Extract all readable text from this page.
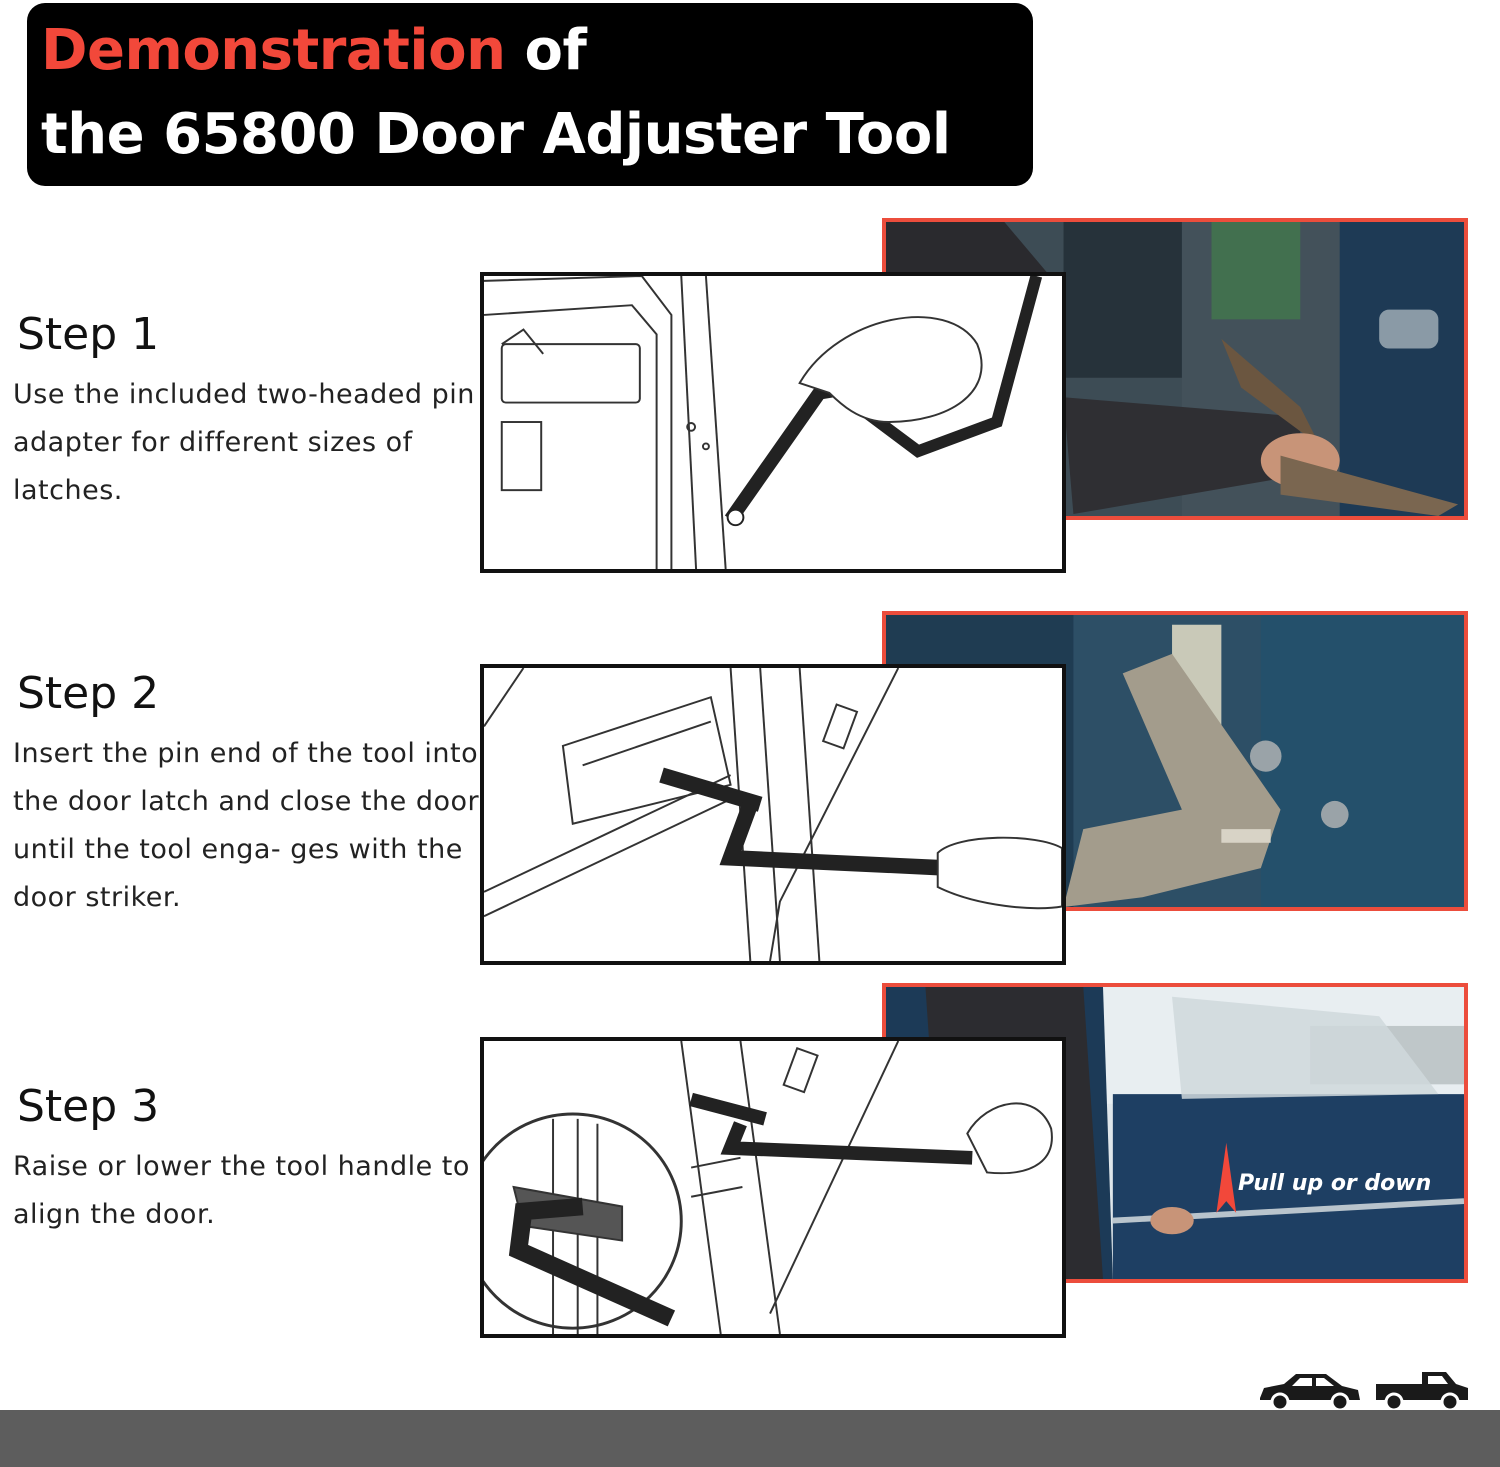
Demonstration of
the 65800 Door Adjuster Tool
Step 1
Use the included two-headed pin adapter for different sizes of latches.
Step 2
Insert the pin end of the tool into the door latch and close the door until the tool enga- ges with the door striker.
Step 3
Raise or lower the tool handle to align the door.
Pull up or down
